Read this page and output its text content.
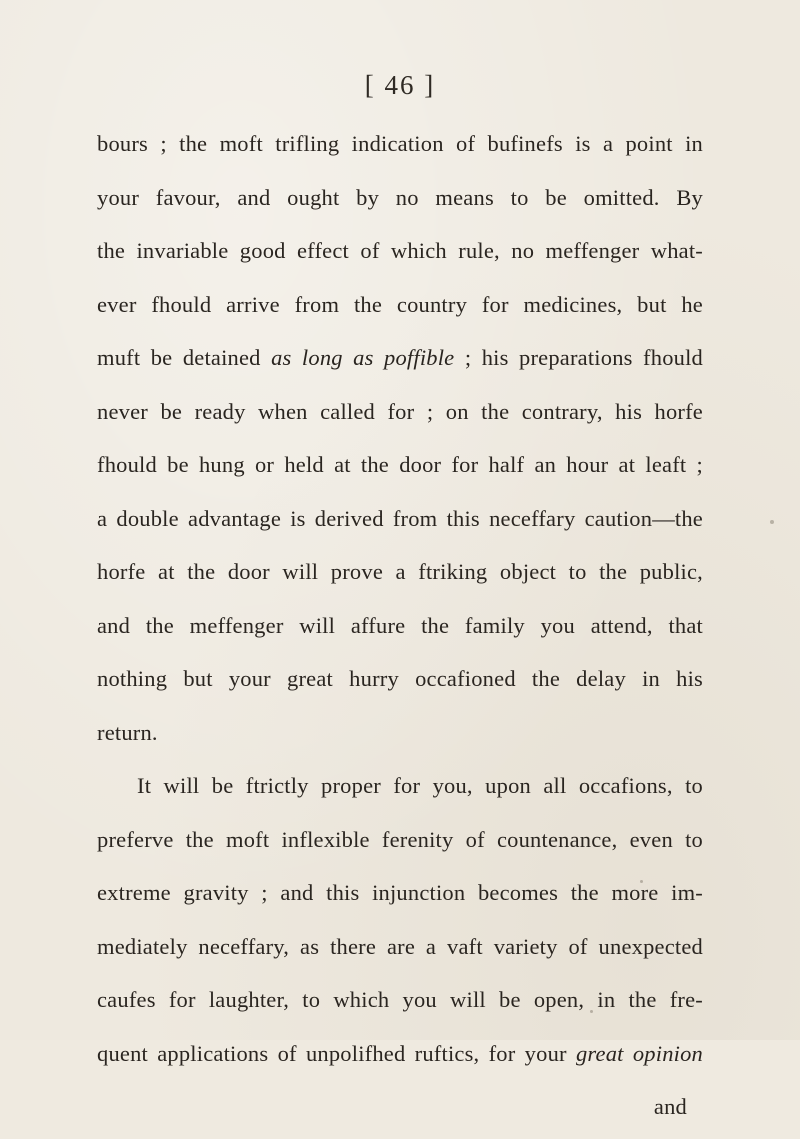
[ 46 ]
bours ; the moft trifling indication of bufinefs is a point in
your favour, and ought by no means to be omitted. By
the invariable good effect of which rule, no meffenger what-
ever fhould arrive from the country for medicines, but he
muft be detained as long as poffible ; his preparations fhould
never be ready when called for ; on the contrary, his horfe
fhould be hung or held at the door for half an hour at leaft ;
a double advantage is derived from this neceffary caution—the
horfe at the door will prove a ftriking object to the public,
and the meffenger will affure the family you attend, that
nothing but your great hurry occafioned the delay in his
return.
It will be ftrictly proper for you, upon all occafions, to
preferve the moft inflexible ferenity of countenance, even to
extreme gravity ; and this injunction becomes the more im-
mediately neceffary, as there are a vaft variety of unexpected
caufes for laughter, to which you will be open, in the fre-
quent applications of unpolifhed ruftics, for your great opinion
and
